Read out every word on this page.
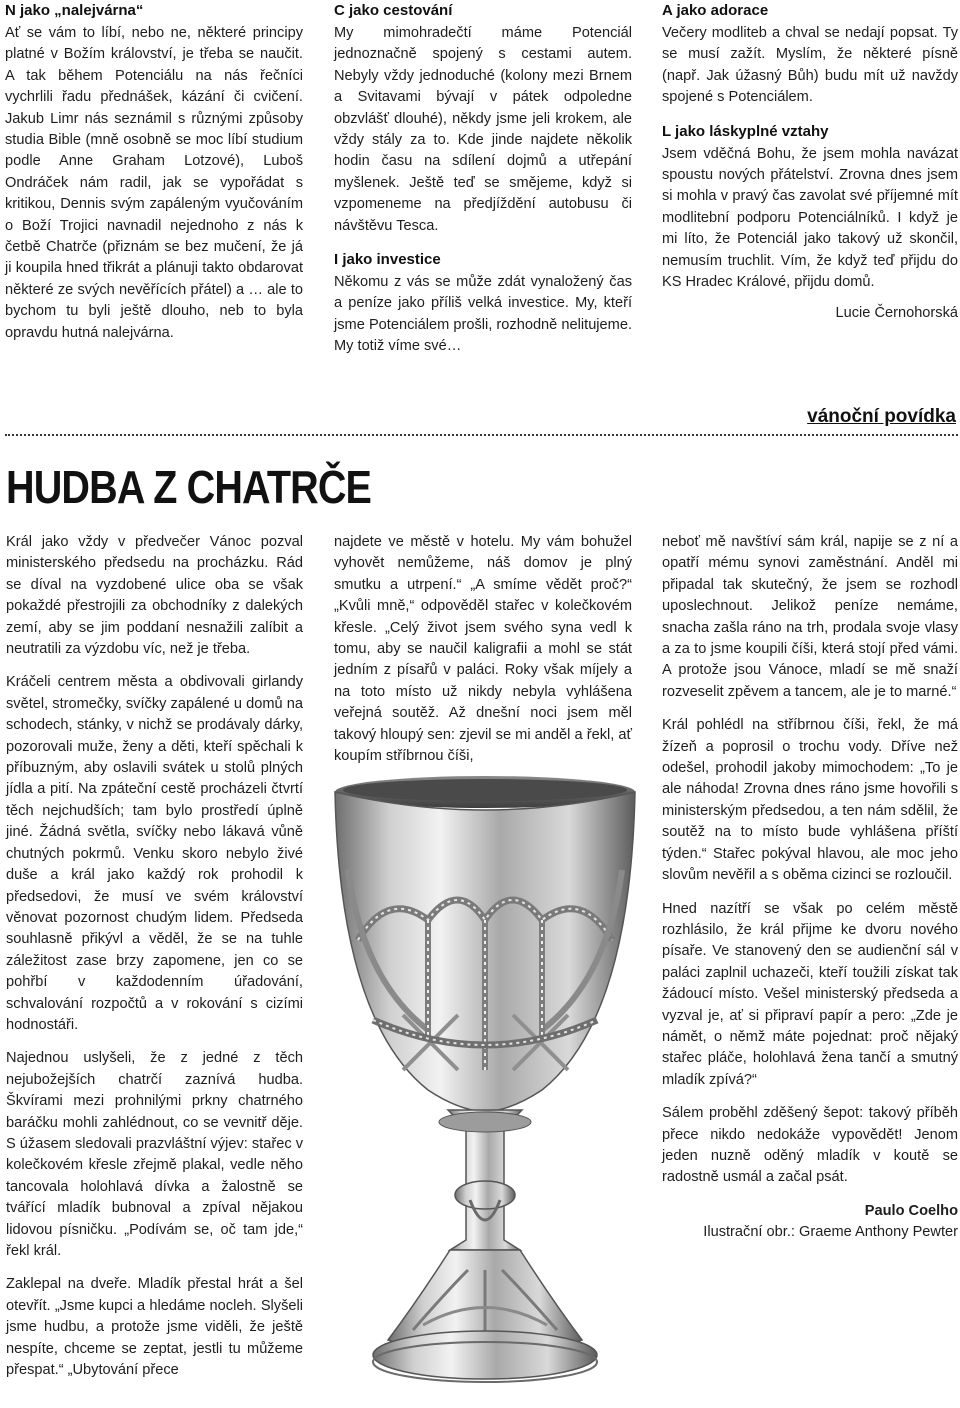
N jako „nalejvárna“

Ať se vám to líbí, nebo ne, některé principy platné v Božím království, je třeba se naučit. A tak během Potenciálu na nás řečníci vychrlili řadu přednášek, kázání či cvičení. Jakub Limr nás seznámil s různými způsoby studia Bible (mně osobně se moc líbí studium podle Anne Graham Lotzové), Luboš Ondráček nám radil, jak se vypořádat s kritikou, Dennis svým zapáleným vyučováním o Boží Trojici navnadil nejednoho z nás k četbě Chatrče (přiznám se bez mučení, že já ji koupila hned třikrát a plánuji takto obdarovat některé ze svých nevěřících přátel) a … ale to bychom tu byli ještě dlouho, neb to byla opravdu hutná nalejvárna.

C jako cestování

My mimohradečtí máme Potenciál jednoznačně spojený s cestami autem. Nebyly vždy jednoduché (kolony mezi Brnem a Svitavami bývají v pátek odpoledne obzvlášť dlouhé), někdy jsme jeli krokem, ale vždy stály za to. Kde jinde najdete několik hodin času na sdílení dojmů a utřepání myšlenek. Ještě teď se smějeme, když si vzpomeneme na předjíždění autobusu či návštěvu Tesca.

I jako investice

Někomu z vás se může zdát vynaložený čas a peníze jako příliš velká investice. My, kteří jsme Potenciálem prošli, rozhodně nelitujeme. My totiž víme své…

A jako adorace

Večery modliteb a chval se nedají popsat. Ty se musí zažít. Myslím, že některé písně (např. Jak úžasný Bůh) budu mít už navždy spojené s Potenciálem.

L jako láskyplné vztahy

Jsem vděčná Bohu, že jsem mohla navázat spoustu nových přátelství. Zrovna dnes jsem si mohla v pravý čas zavolat své příjemné mít modlitební podporu Potenciálníků. I když je mi líto, že Potenciál jako takový už skončil, nemusím truchlit. Vím, že když teď přijdu do KS Hradec Králové, přijdu domů.

Lucie Černohorská

vánoční povídka
HUDBA Z CHATRČE

Král jako vždy v předvečer Vánoc pozval ministerského předsedu na procházku. Rád se díval na vyzdobené ulice oba se však pokaždé přestrojili za obchodníky z dalekých zemí, aby se jim poddaní nesnažili zalíbit a neutratili za výzdobu víc, než je třeba.

Kráčeli centrem města a obdivovali girlandy světel, stromečky, svíčky zapálené u domů na schodech, stánky, v nichž se prodávaly dárky, pozorovali muže, ženy a děti, kteří spěchali k příbuzným, aby oslavili svátek u stolů plných jídla a pití. Na zpáteční cestě procházeli čtvrtí těch nejchudších; tam bylo prostředí úplně jiné. Žádná světla, svíčky nebo lákavá vůně chutných pokrmů. Venku skoro nebylo živé duše a král jako každý rok prohodil k předsedovi, že musí ve svém království věnovat pozornost chudým lidem. Předseda souhlasně přikývl a věděl, že se na tuhle záležitost zase brzy zapomene, jen co se pohřbí v každodenním úřadování, schvalování rozpočtů a v rokování s cizími hodnostáři.

Najednou uslyšeli, že z jedné z těch nejubožejších chatrčí zaznívá hudba. Škvírami mezi prohnilými prkny chatrného baráčku mohli zahlédnout, co se vevnitř děje. S úžasem sledovali prazvláštní výjev: stařec v kolečkovém křesle zřejmě plakal, vedle něho tancovala holohlavá dívka a žalostně se tvářící mladík bubnoval a zpíval nějakou lidovou písničku. „Podívám se, oč tam jde,“ řekl král.

Zaklepal na dveře. Mladík přestal hrát a šel otevřít. „Jsme kupci a hledáme nocleh. Slyšeli jsme hudbu, a protože jsme viděli, že ještě nespíte, chceme se zeptat, jestli tu můžeme přespat.“ „Ubytování přece

najdete ve městě v hotelu. My vám bohužel vyhovět nemůžeme, náš domov je plný smutku a utrpení.“ „A smíme vědět proč?“ „Kvůli mně,“ odpověděl stařec v kolečkovém křesle. „Celý život jsem svého syna vedl k tomu, aby se naučil kaligrafii a mohl se stát jedním z písařů v paláci. Roky však míjely a na toto místo už nikdy nebyla vyhlášena veřejná soutěž. Až dnešní noci jsem měl takový hloupý sen: zjevil se mi anděl a řekl, ať koupím stříbrnou číši,

neboť mě navštíví sám král, napije se z ní a opatří mému synovi zaměstnání. Anděl mi připadal tak skutečný, že jsem se rozhodl uposlechnout. Jelikož peníze nemáme, snacha zašla ráno na trh, prodala svoje vlasy a za to jsme koupili číši, která stojí před vámi. A protože jsou Vánoce, mladí se mě snaží rozveselit zpěvem a tancem, ale je to marné.“

Král pohlédl na stříbrnou číši, řekl, že má žízeň a poprosil o trochu vody. Dříve než odešel, prohodil jakoby mimochodem: „To je ale náhoda! Zrovna dnes ráno jsme hovořili s ministerským předsedou, a ten nám sdělil, že soutěž na to místo bude vyhlášena příští týden.“ Stařec pokýval hlavou, ale moc jeho slovům nevěřil a s oběma cizinci se rozloučil.

Hned nazítří se však po celém městě rozhlásilo, že král přijme ke dvoru nového písaře. Ve stanovený den se audienční sál v paláci zaplnil uchazeči, kteří toužili získat tak žádoucí místo. Vešel ministerský předseda a vyzval je, ať si připraví papír a pero: „Zde je námět, o němž máte pojednat: proč nějaký stařec pláče, holohlavá žena tančí a smutný mladík zpívá?“

Sálem proběhl zděšený šepot: takový příběh přece nikdo nedokáže vypovědět! Jenom jeden nuzně oděný mladík v koutě se radostně usmál a začal psát.

Paulo Coelho

Ilustrační obr.: Graeme Anthony Pewter
